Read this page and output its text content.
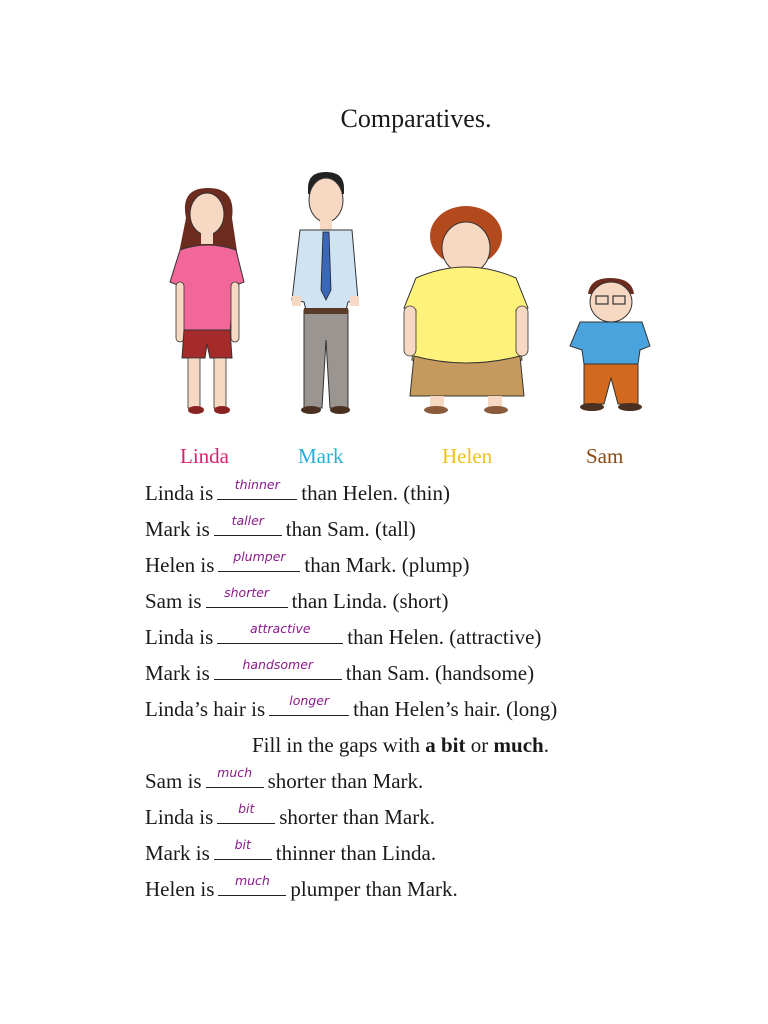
Comparatives.
Linda	Mark	Helen	Sam
Linda is	thinner	than Helen. (thin)
Mark is	taller	than Sam. (tall)
Helen is	plumper than Mark. (plump)
Sam is	shorter	than Linda. (short)
Linda is	attractive	than Helen. (attractive)
Mark is	handsomer	than Sam. (handsome)
Linda’s hair is	longer	than Helen’s hair. (long)
Fill in the gaps with a bit or much.
Sam is	much shorter than Mark.
Linda is	bit	shorter than Mark.
Mark is	bit	thinner than Linda.
Helen is	much plumper than Mark.
